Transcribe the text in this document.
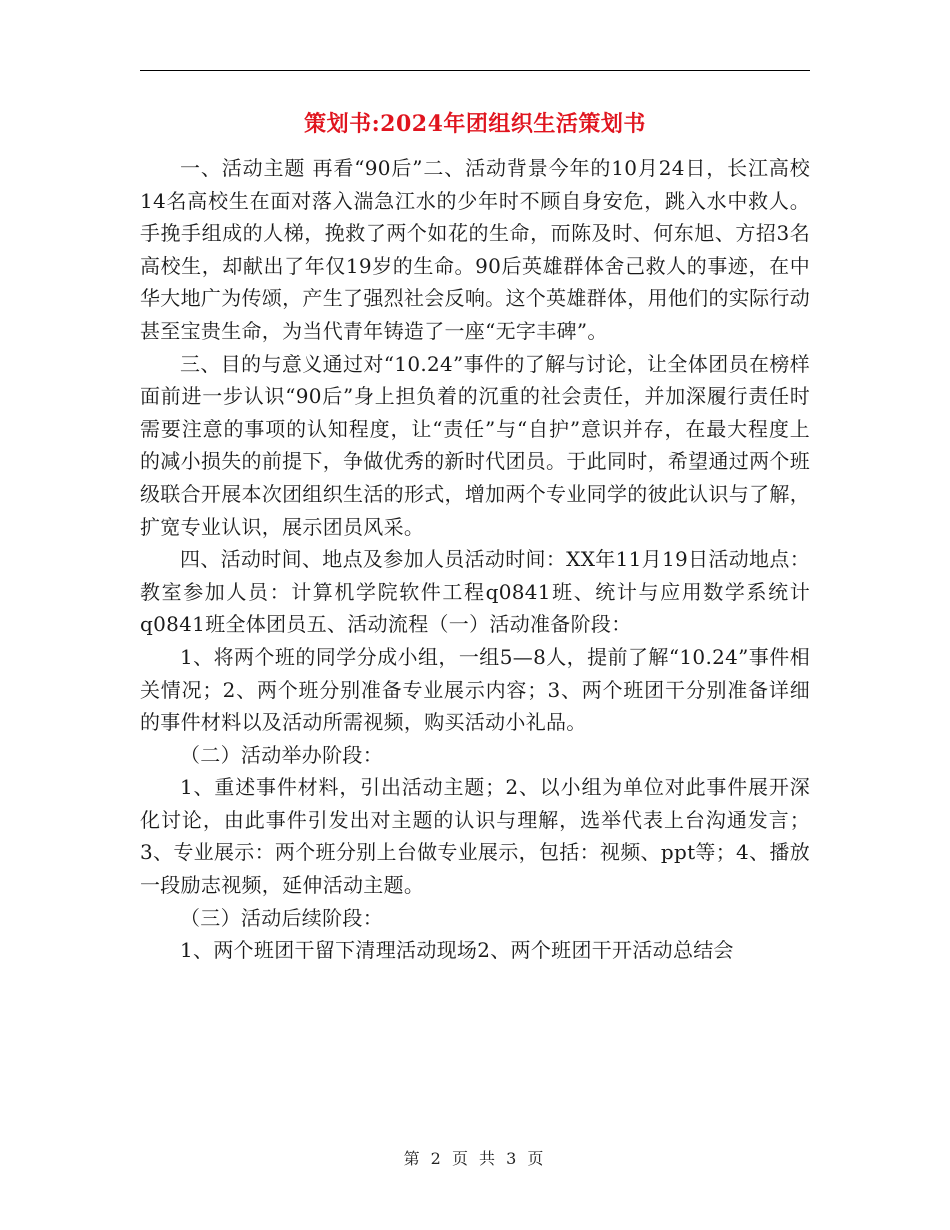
策划书:2024年团组织生活策划书

一、活动主题 再看“90后”二、活动背景今年的10月24日，长江高校14名高校生在面对落入湍急江水的少年时不顾自身安危，跳入水中救人。手挽手组成的人梯，挽救了两个如花的生命，而陈及时、何东旭、方招3名高校生，却献出了年仅19岁的生命。90后英雄群体舍己救人的事迹，在中华大地广为传颂，产生了强烈社会反响。这个英雄群体，用他们的实际行动甚至宝贵生命，为当代青年铸造了一座“无字丰碑”。

三、目的与意义通过对“10.24”事件的了解与讨论，让全体团员在榜样面前进一步认识“90后”身上担负着的沉重的社会责任，并加深履行责任时需要注意的事项的认知程度，让“责任”与“自护”意识并存，在最大程度上的减小损失的前提下，争做优秀的新时代团员。于此同时，希望通过两个班级联合开展本次团组织生活的形式，增加两个专业同学的彼此认识与了解，扩宽专业认识，展示团员风采。

四、活动时间、地点及参加人员活动时间：XX年11月19日活动地点：教室参加人员：计算机学院软件工程q0841班、统计与应用数学系统计q0841班全体团员五、活动流程（一）活动准备阶段：

1、将两个班的同学分成小组，一组5—8人，提前了解“10.24”事件相关情况；2、两个班分别准备专业展示内容；3、两个班团干分别准备详细的事件材料以及活动所需视频，购买活动小礼品。

（二）活动举办阶段：

1、重述事件材料，引出活动主题；2、以小组为单位对此事件展开深化讨论，由此事件引发出对主题的认识与理解，选举代表上台沟通发言；3、专业展示：两个班分别上台做专业展示，包括：视频、ppt等；4、播放一段励志视频，延伸活动主题。

（三）活动后续阶段：

1、两个班团干留下清理活动现场2、两个班团干开活动总结会

第 2 页 共 3 页
